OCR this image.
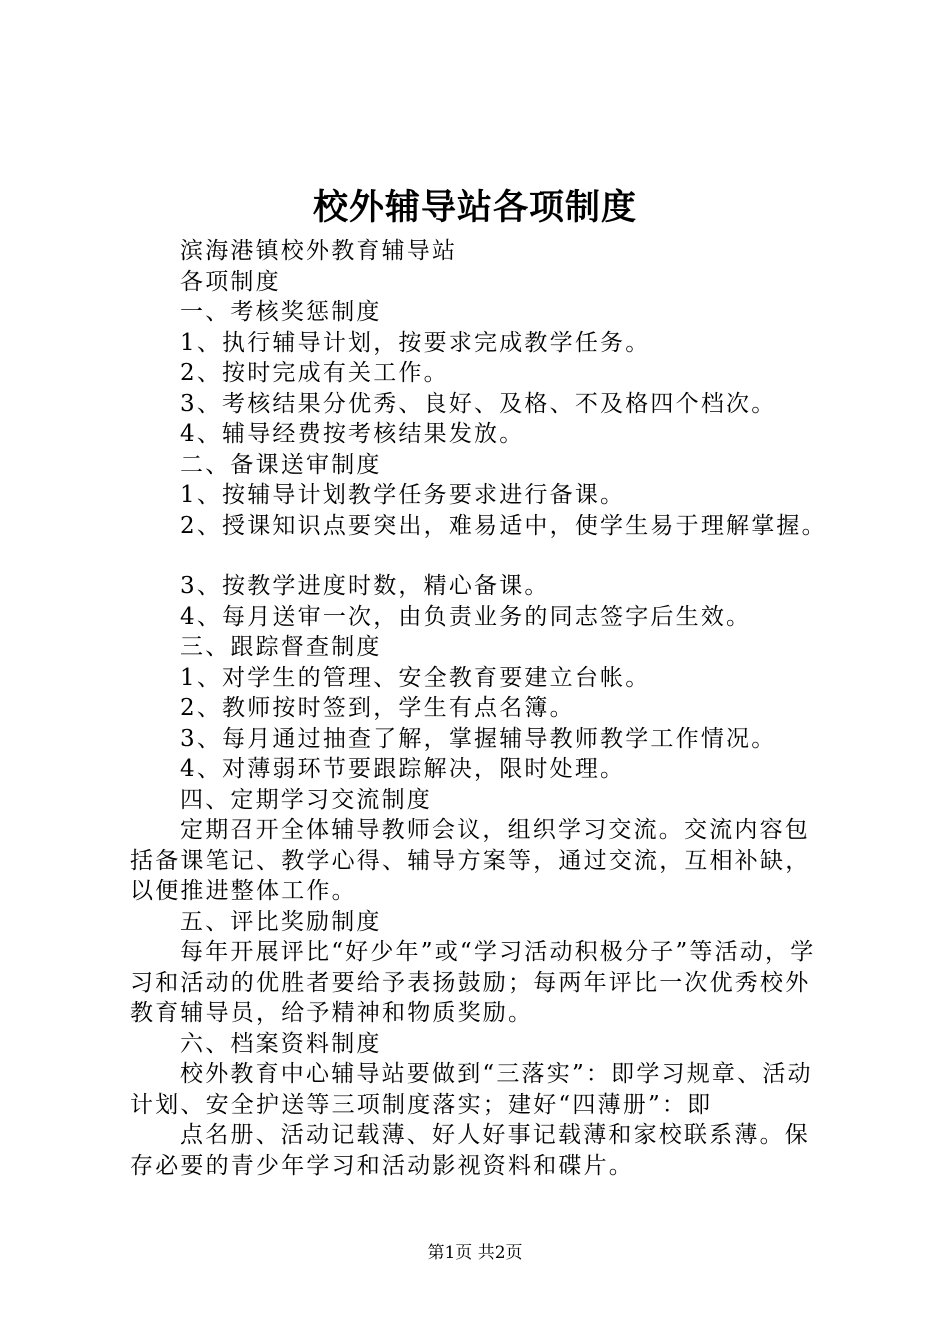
校外辅导站各项制度

滨海港镇校外教育辅导站

各项制度

一、考核奖惩制度

1、执行辅导计划，按要求完成教学任务。

2、按时完成有关工作。

3、考核结果分优秀、良好、及格、不及格四个档次。

4、辅导经费按考核结果发放。

二、备课送审制度

1、按辅导计划教学任务要求进行备课。

2、授课知识点要突出，难易适中，使学生易于理解掌握。

3、按教学进度时数，精心备课。

4、每月送审一次，由负责业务的同志签字后生效。

三、跟踪督查制度

1、对学生的管理、安全教育要建立台帐。

2、教师按时签到，学生有点名簿。

3、每月通过抽查了解，掌握辅导教师教学工作情况。

4、对薄弱环节要跟踪解决，限时处理。

四、定期学习交流制度

定期召开全体辅导教师会议，组织学习交流。交流内容包括备课笔记、教学心得、辅导方案等，通过交流，互相补缺，以便推进整体工作。

五、评比奖励制度

每年开展评比“好少年”或“学习活动积极分子”等活动，学习和活动的优胜者要给予表扬鼓励；每两年评比一次优秀校外教育辅导员，给予精神和物质奖励。

六、档案资料制度

校外教育中心辅导站要做到“三落实”：即学习规章、活动计划、安全护送等三项制度落实；建好“四薄册”：即

点名册、活动记载薄、好人好事记载薄和家校联系薄。保存必要的青少年学习和活动影视资料和碟片。

第1页 共2页
